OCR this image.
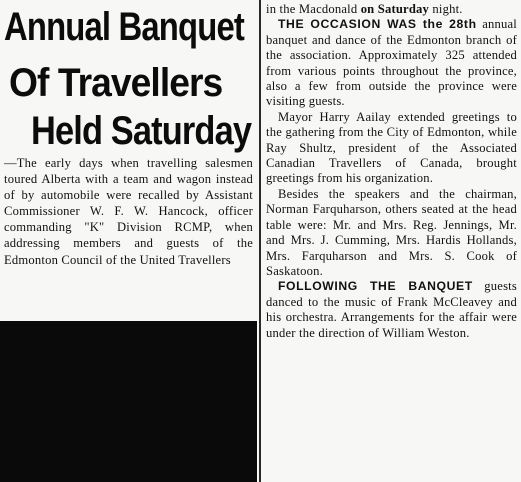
Annual Banquet
Of Travellers
Held Saturday

—The early days when travelling salesmen toured Alberta with a team and wagon instead of by automobile were recalled by Assistant Commissioner W. F. W. Hancock, officer commanding "K" Division RCMP, when addressing members and guests of the Edmonton Council of the United Travellers

in the Macdonald on Saturday night.

THE OCCASION WAS the 28th annual banquet and dance of the Edmonton branch of the association. Approximately 325 attended from various points throughout the province, also a few from outside the province were visiting guests.

Mayor Harry Aailay extended greetings to the gathering from the City of Edmonton, while Ray Shultz, president of the Associated Canadian Travellers of Canada, brought greetings from his organization.

Besides the speakers and the chairman, Norman Farquharson, others seated at the head table were: Mr. and Mrs. Reg. Jennings, Mr. and Mrs. J. Cumming, Mrs. Hardis Hollands, Mrs. Farquharson and Mrs. S. Cook of Saskatoon.

FOLLOWING THE BANQUET guests danced to the music of Frank McCleavey and his orchestra. Arrangements for the affair were under the direction of William Weston.
